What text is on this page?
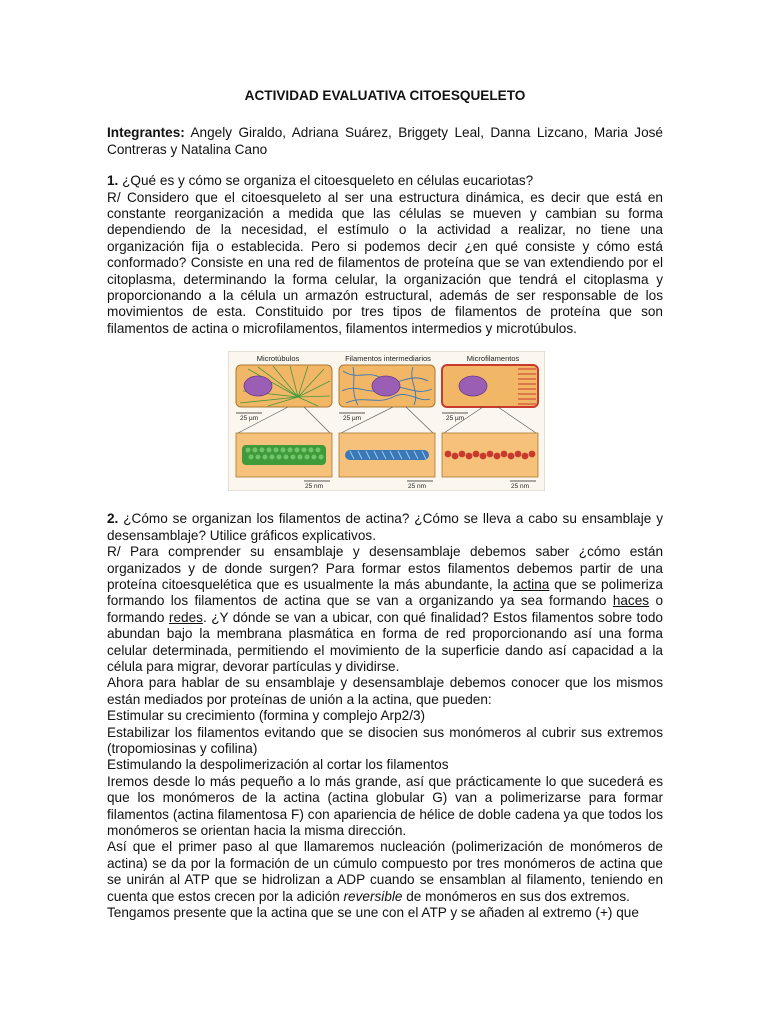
ACTIVIDAD EVALUATIVA CITOESQUELETO

Integrantes: Angely Giraldo, Adriana Suárez, Briggety Leal, Danna Lizcano, Maria José Contreras y Natalina Cano

1. ¿Qué es y cómo se organiza el citoesqueleto en células eucariotas?

R/ Considero que el citoesqueleto al ser una estructura dinámica, es decir que está en constante reorganización a medida que las células se mueven y cambian su forma dependiendo de la necesidad, el estímulo o la actividad a realizar, no tiene una organización fija o establecida. Pero si podemos decir ¿en qué consiste y cómo está conformado? Consiste en una red de filamentos de proteína que se van extendiendo por el citoplasma, determinando la forma celular, la organización que tendrá el citoplasma y proporcionando a la célula un armazón estructural, además de ser responsable de los movimientos de esta. Constituido por tres tipos de filamentos de proteína que son filamentos de actina o microfilamentos, filamentos intermedios y microtúbulos.

Microtúbulos
25 µm
25 nm
Filamentos intermediarios
25 µm
25 nm
Microfilamentos
25 µm
25 nm

2. ¿Cómo se organizan los filamentos de actina? ¿Cómo se lleva a cabo su ensamblaje y desensamblaje? Utilice gráficos explicativos.

R/ Para comprender su ensamblaje y desensamblaje debemos saber ¿cómo están organizados y de donde surgen? Para formar estos filamentos debemos partir de una proteína citoesquelética que es usualmente la más abundante, la actina que se polimeriza formando los filamentos de actina que se van a organizando ya sea formando haces o formando redes. ¿Y dónde se van a ubicar, con qué finalidad? Estos filamentos sobre todo abundan bajo la membrana plasmática en forma de red proporcionando así una forma celular determinada, permitiendo el movimiento de la superficie dando así capacidad a la célula para migrar, devorar partículas y dividirse.

Ahora para hablar de su ensamblaje y desensamblaje debemos conocer que los mismos están mediados por proteínas de unión a la actina, que pueden:

Estimular su crecimiento (formina y complejo Arp2/3)

Estabilizar los filamentos evitando que se disocien sus monómeros al cubrir sus extremos (tropomiosinas y cofilina)

Estimulando la despolimerización al cortar los filamentos

Iremos desde lo más pequeño a lo más grande, así que prácticamente lo que sucederá es que los monómeros de la actina (actina globular G) van a polimerizarse para formar filamentos (actina filamentosa F) con apariencia de hélice de doble cadena ya que todos los monómeros se orientan hacia la misma dirección.

Así que el primer paso al que llamaremos nucleación (polimerización de monómeros de actina) se da por la formación de un cúmulo compuesto por tres monómeros de actina que se unirán al ATP que se hidrolizan a ADP cuando se ensamblan al filamento, teniendo en cuenta que estos crecen por la adición reversible de monómeros en sus dos extremos.

Tengamos presente que la actina que se une con el ATP y se añaden al extremo (+) que
